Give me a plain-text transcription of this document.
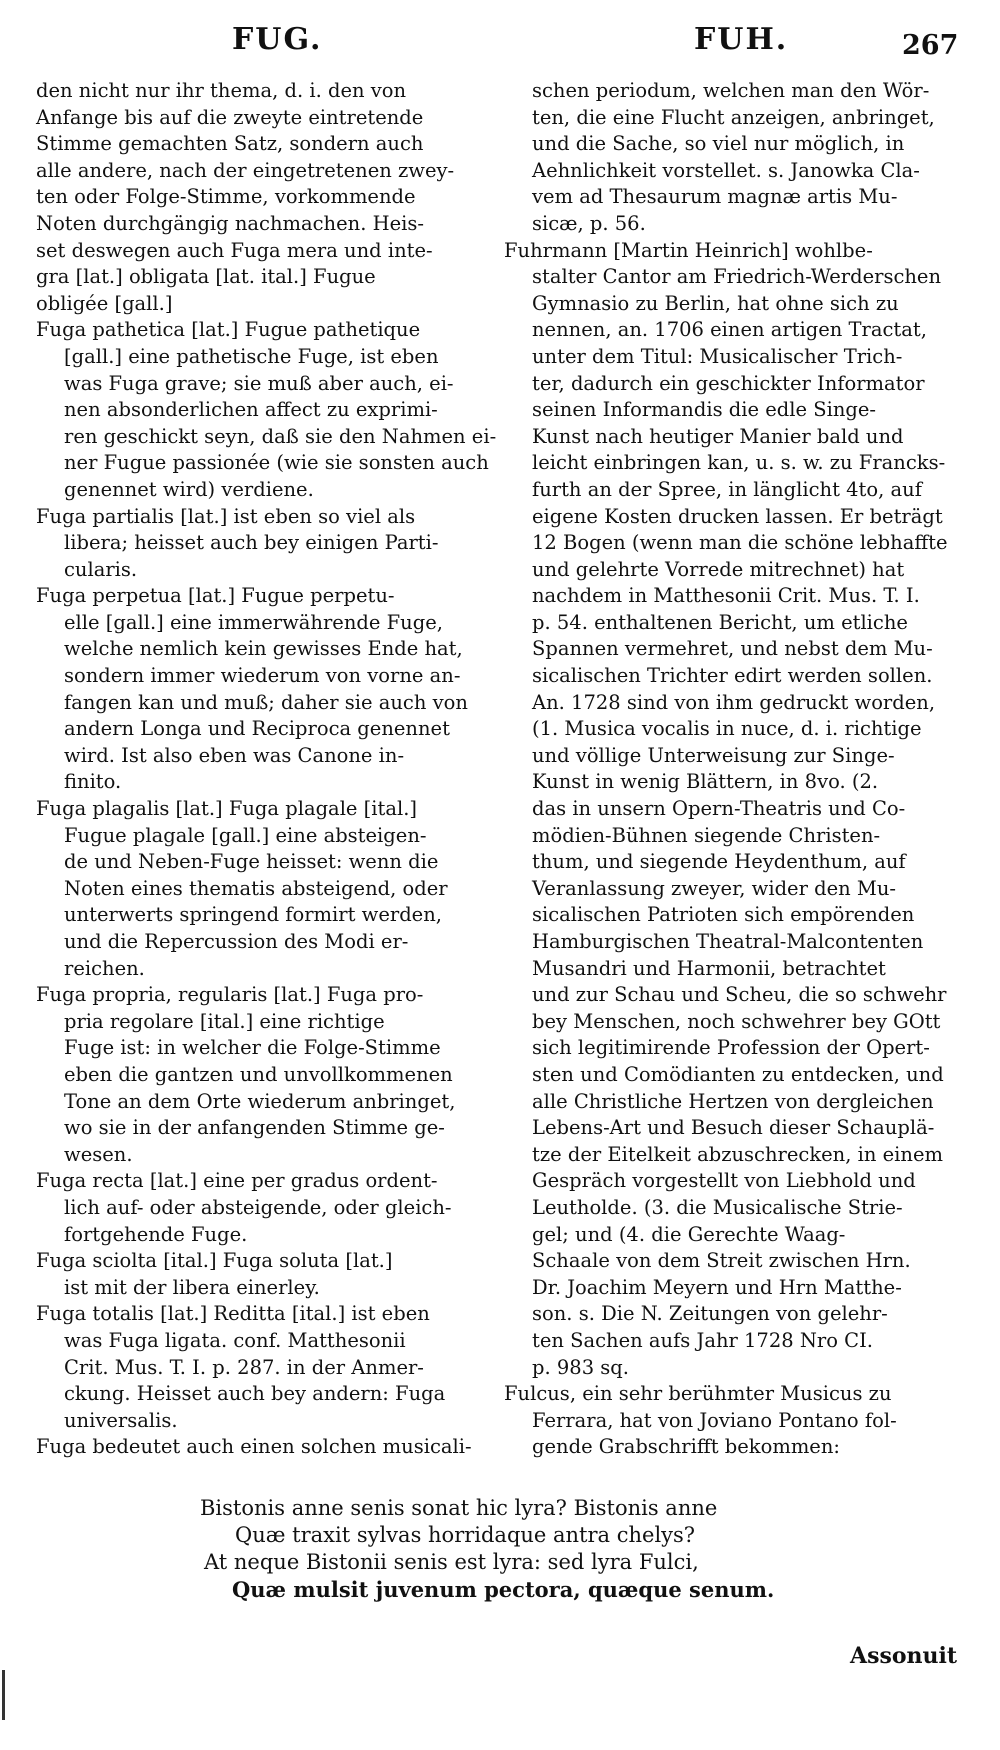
FUG.	FUH.	267
den nicht nur ihr thema, d. i. den von
Anfange bis auf die zweyte eintretende
Stimme gemachten Satz, sondern auch
alle andere, nach der eingetretenen zwey-
ten oder Folge-Stimme, vorkommende
Noten durchgängig nachmachen. Heis-
set deswegen auch Fuga mera und inte-
gra [lat.] obligata [lat. ital.] Fugue
obligée [gall.]
Fuga pathetica [lat.] Fugue pathetique
[gall.] eine pathetische Fuge, ist eben
was Fuga grave; sie muß aber auch, ei-
nen absonderlichen affect zu exprimi-
ren geschickt seyn, daß sie den Nahmen ei-
ner Fugue passionée (wie sie sonsten auch
genennet wird) verdiene.
Fuga partialis [lat.] ist eben so viel als
libera; heisset auch bey einigen Parti-
cularis.
Fuga perpetua [lat.] Fugue perpetu-
elle [gall.] eine immerwährende Fuge,
welche nemlich kein gewisses Ende hat,
sondern immer wiederum von vorne an-
fangen kan und muß; daher sie auch von
andern Longa und Reciproca genennet
wird. Ist also eben was Canone in-
finito.
Fuga plagalis [lat.] Fuga plagale [ital.]
Fugue plagale [gall.] eine absteigen-
de und Neben-Fuge heisset: wenn die
Noten eines thematis absteigend, oder
unterwerts springend formirt werden,
und die Repercussion des Modi er-
reichen.
Fuga propria, regularis [lat.] Fuga pro-
pria regolare [ital.] eine richtige
Fuge ist: in welcher die Folge-Stimme
eben die gantzen und unvollkommenen
Tone an dem Orte wiederum anbringet,
wo sie in der anfangenden Stimme ge-
wesen.
Fuga recta [lat.] eine per gradus ordent-
lich auf- oder absteigende, oder gleich-
fortgehende Fuge.
Fuga sciolta [ital.] Fuga soluta [lat.]
ist mit der libera einerley.
Fuga totalis [lat.] Reditta [ital.] ist eben
was Fuga ligata. conf. Matthesonii
Crit. Mus. T. I. p. 287. in der Anmer-
ckung. Heisset auch bey andern: Fuga
universalis.
Fuga bedeutet auch einen solchen musicali-
schen periodum, welchen man den Wör-
ten, die eine Flucht anzeigen, anbringet,
und die Sache, so viel nur möglich, in
Aehnlichkeit vorstellet. s. Janowka Cla-
vem ad Thesaurum magnæ artis Mu-
sicæ, p. 56.
Fuhrmann [Martin Heinrich] wohlbe-
stalter Cantor am Friedrich-Werderschen
Gymnasio zu Berlin, hat ohne sich zu
nennen, an. 1706 einen artigen Tractat,
unter dem Titul: Musicalischer Trich-
ter, dadurch ein geschickter Informator
seinen Informandis die edle Singe-
Kunst nach heutiger Manier bald und
leicht einbringen kan, u. s. w. zu Francks-
furth an der Spree, in länglicht 4to, auf
eigene Kosten drucken lassen. Er beträgt
12 Bogen (wenn man die schöne lebhaffte
und gelehrte Vorrede mitrechnet) hat
nachdem in Matthesonii Crit. Mus. T. I.
p. 54. enthaltenen Bericht, um etliche
Spannen vermehret, und nebst dem Mu-
sicalischen Trichter edirt werden sollen.
An. 1728 sind von ihm gedruckt worden,
(1. Musica vocalis in nuce, d. i. richtige
und völlige Unterweisung zur Singe-
Kunst in wenig Blättern, in 8vo. (2.
das in unsern Opern-Theatris und Co-
mödien-Bühnen siegende Christen-
thum, und siegende Heydenthum, auf
Veranlassung zweyer, wider den Mu-
sicalischen Patrioten sich empörenden
Hamburgischen Theatral-Malcontenten
Musandri und Harmonii, betrachtet
und zur Schau und Scheu, die so schwehr
bey Menschen, noch schwehrer bey GOtt
sich legitimirende Profession der Opert-
sten und Comödianten zu entdecken, und
alle Christliche Hertzen von dergleichen
Lebens-Art und Besuch dieser Schauplä-
tze der Eitelkeit abzuschrecken, in einem
Gespräch vorgestellt von Liebhold und
Leutholde. (3. die Musicalische Strie-
gel; und (4. die Gerechte Waag-
Schaale von dem Streit zwischen Hrn.
Dr. Joachim Meyern und Hrn Matthe-
son. s. Die N. Zeitungen von gelehr-
ten Sachen aufs Jahr 1728 Nro CI.
p. 983 sq.
Fulcus, ein sehr berühmter Musicus zu
Ferrara, hat von Joviano Pontano fol-
gende Grabschrifft bekommen:
Bistonis anne senis sonat hic lyra? Bistonis anne
Quæ traxit sylvas horridaque antra chelys?
At neque Bistonii senis est lyra: sed lyra Fulci,
Quæ mulsit juvenum pectora, quæque senum.
Assonuit
